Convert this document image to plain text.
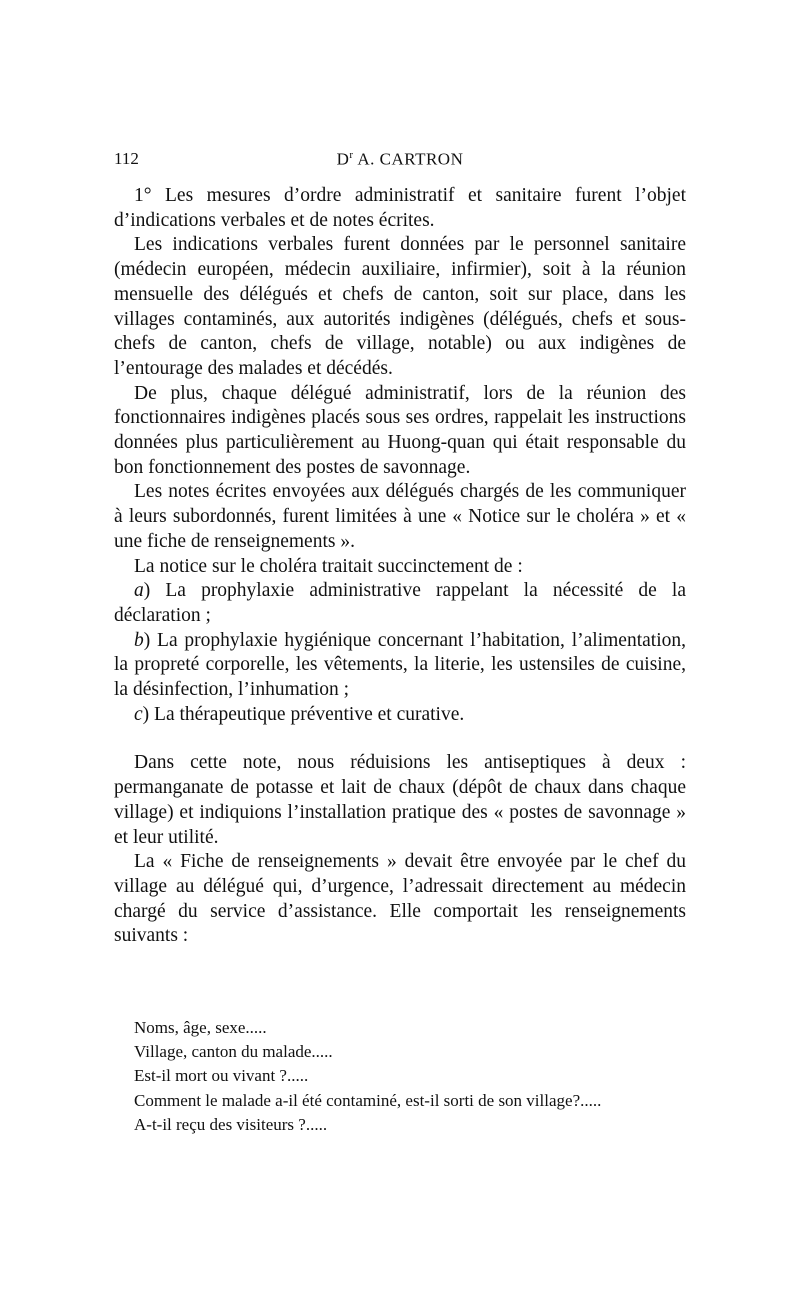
112	$D^r$ A. CARTRON

1° Les mesures d’ordre administratif et sanitaire furent l’objet d’indications verbales et de notes écrites.

Les indications verbales furent données par le personnel sanitaire (médecin européen, médecin auxiliaire, infirmier), soit à la réunion mensuelle des délégués et chefs de canton, soit sur place, dans les villages contaminés, aux autorités indigènes (délégués, chefs et sous-chefs de canton, chefs de village, notable) ou aux indigènes de l’entourage des malades et décédés.

De plus, chaque délégué administratif, lors de la réunion des fonctionnaires indigènes placés sous ses ordres, rappelait les instructions données plus particulièrement au Huong-quan qui était responsable du bon fonctionnement des postes de savonnage.

Les notes écrites envoyées aux délégués chargés de les communiquer à leurs subordonnés, furent limitées à une « Notice sur le choléra » et « une fiche de renseignements ».

La notice sur le choléra traitait succinctement de :

a) La prophylaxie administrative rappelant la nécessité de la déclaration ;

b) La prophylaxie hygiénique concernant l’habitation, l’alimentation, la propreté corporelle, les vêtements, la literie, les ustensiles de cuisine, la désinfection, l’inhumation ;

c) La thérapeutique préventive et curative.

Dans cette note, nous réduisions les antiseptiques à deux : permanganate de potasse et lait de chaux (dépôt de chaux dans chaque village) et indiquions l’installation pratique des « postes de savonnage » et leur utilité.

La « Fiche de renseignements » devait être envoyée par le chef du village au délégué qui, d’urgence, l’adressait directement au médecin chargé du service d’assistance. Elle comportait les renseignements suivants :

Noms, âge, sexe.....

Village, canton du malade.....

Est-il mort ou vivant ?.....

Comment le malade a-il été contaminé, est-il sorti de son village?.....

A-t-il reçu des visiteurs ?.....
